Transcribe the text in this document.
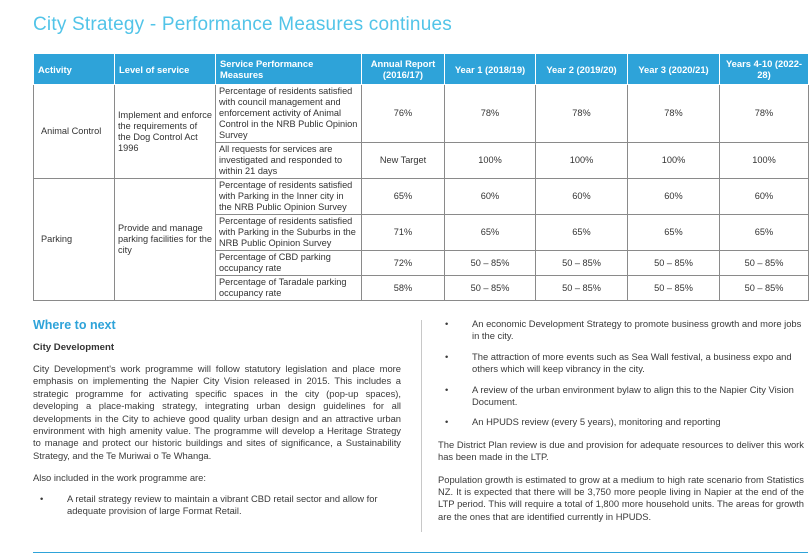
City Strategy - Performance Measures continues
Activity	Level of service	Service Performance Measures	Annual Report (2016/17)	Year 1 (2018/19)	Year 2 (2019/20)	Year 3 (2020/21)	Years 4-10 (2022-28)
Animal Control	Implement and enforce the requirements of the Dog Control Act 1996	Percentage of residents satisfied with council management and enforcement activity of Animal Control in the NRB Public Opinion Survey	76%	78%	78%	78%	78%
		All requests for services are investigated and responded to within 21 days	New Target	100%	100%	100%	100%
Parking	Provide and manage parking facilities for the city	Percentage of residents satisfied with Parking in the Inner city in the NRB Public Opinion Survey	65%	60%	60%	60%	60%
		Percentage of residents satisfied with Parking in the Suburbs in the NRB Public Opinion Survey	71%	65%	65%	65%	65%
		Percentage of CBD parking occupancy rate	72%	50 – 85%	50 – 85%	50 – 85%	50 – 85%
		Percentage of Taradale parking occupancy rate	58%	50 – 85%	50 – 85%	50 – 85%	50 – 85%
Where to next
City Development

City Development's work programme will follow statutory legislation and place more emphasis on implementing the Napier City Vision released in 2015. This includes a strategic programme for activating specific spaces in the city (pop-up spaces), developing a place-making strategy, integrating urban design guidelines for all developments in the City to achieve good quality urban design and an attractive urban environment with high amenity value. The programme will develop a Heritage Strategy to manage and protect our historic buildings and sites of significance, a Sustainability Strategy, and the Te Muriwai o Te Whanga.

Also included in the work programme are:

•	A retail strategy review to maintain a vibrant CBD retail sector and allow for adequate provision of large Format Retail.
•	An economic Development Strategy to promote business growth and more jobs in the city.
•	The attraction of more events such as Sea Wall festival, a business expo and others which will keep vibrancy in the city.
•	A review of the urban environment bylaw to align this to the Napier City Vision Document.
•	An HPUDS review (every 5 years), monitoring and reporting

The District Plan review is due and provision for adequate resources to deliver this work has been made in the LTP.

Population growth is estimated to grow at a medium to high rate scenario from Statistics NZ. It is expected that there will be 3,750 more people living in Napier at the end of the LTP period. This will require a total of 1,800 more household units. The areas for growth are the ones that are identified currently in HPUDS.
